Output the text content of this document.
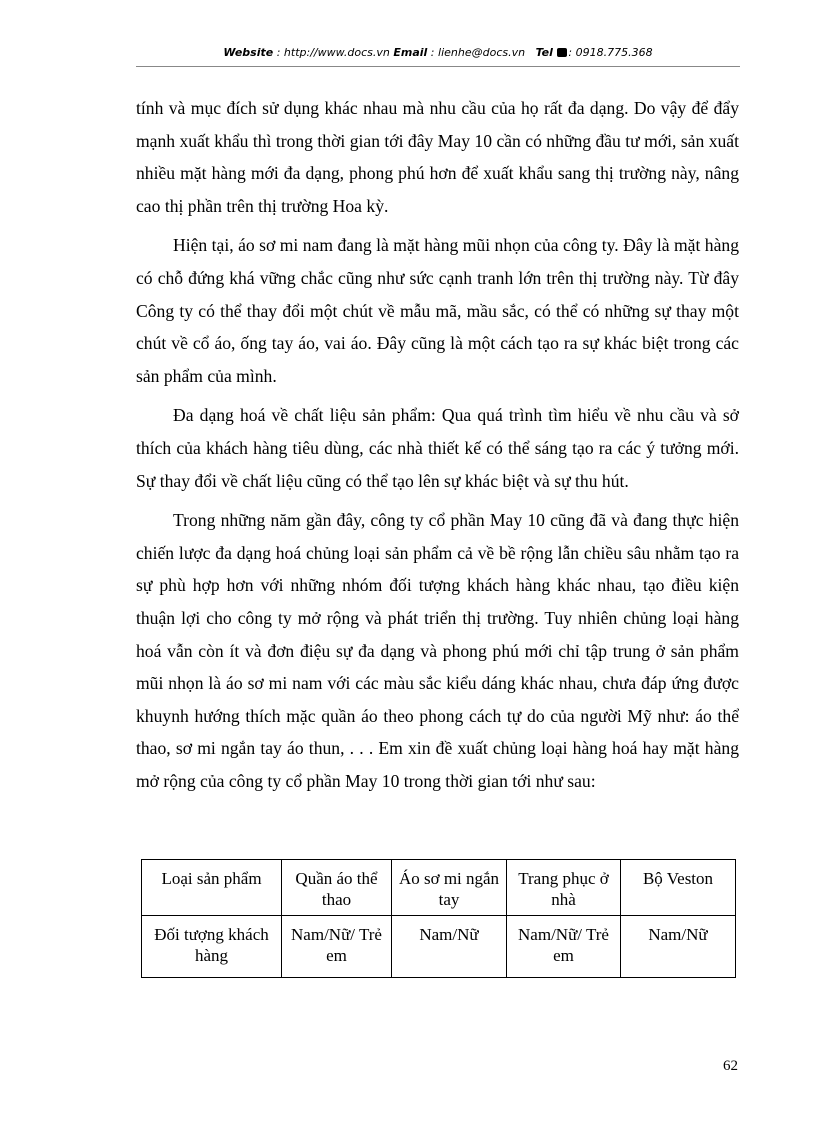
Website : http://www.docs.vn Email : lienhe@docs.vn Tel : 0918.775.368

tính và mục đích sử dụng khác nhau mà nhu cầu của họ rất đa dạng. Do vậy để đẩy mạnh xuất khẩu thì trong thời gian tới đây May 10 cần có những đầu tư mới, sản xuất nhiều mặt hàng mới đa dạng, phong phú hơn để xuất khẩu sang thị trường này, nâng cao thị phần trên thị trường Hoa kỳ.

Hiện tại, áo sơ mi nam đang là mặt hàng mũi nhọn của công ty. Đây là mặt hàng có chỗ đứng khá vững chắc cũng như sức cạnh tranh lớn trên thị trường này. Từ đây Công ty có thể thay đổi một chút về mẫu mã, mầu sắc, có thể có những sự thay một chút về cổ áo, ống tay áo, vai áo. Đây cũng là một cách tạo ra sự khác biệt trong các sản phẩm của mình.

Đa dạng hoá về chất liệu sản phẩm: Qua quá trình tìm hiểu về nhu cầu và sở thích của khách hàng tiêu dùng, các nhà thiết kế có thể sáng tạo ra các ý tưởng mới. Sự thay đổi về chất liệu cũng có thể tạo lên sự khác biệt và sự thu hút.

Trong những năm gần đây, công ty cổ phần May 10 cũng đã và đang thực hiện chiến lược đa dạng hoá chủng loại sản phẩm cả về bề rộng lẫn chiều sâu nhằm tạo ra sự phù hợp hơn với những nhóm đối tượng khách hàng khác nhau, tạo điều kiện thuận lợi cho công ty mở rộng và phát triển thị trường. Tuy nhiên chủng loại hàng hoá vẫn còn ít và đơn điệu sự đa dạng và phong phú mới chỉ tập trung ở sản phẩm mũi nhọn là áo sơ mi nam với các màu sắc kiểu dáng khác nhau, chưa đáp ứng được khuynh hướng thích mặc quần áo theo phong cách tự do của người Mỹ như: áo thể thao, sơ mi ngắn tay áo thun, . . . Em xin đề xuất chủng loại hàng hoá hay mặt hàng mở rộng của công ty cổ phần May 10 trong thời gian tới như sau:

Loại sản phẩm	Quần áo thể thao	Áo sơ mi ngắn tay	Trang phục ở nhà	Bộ Veston
Đối tượng khách hàng	Nam/Nữ/ Trẻ em	Nam/Nữ	Nam/Nữ/ Trẻ em	Nam/Nữ
62
